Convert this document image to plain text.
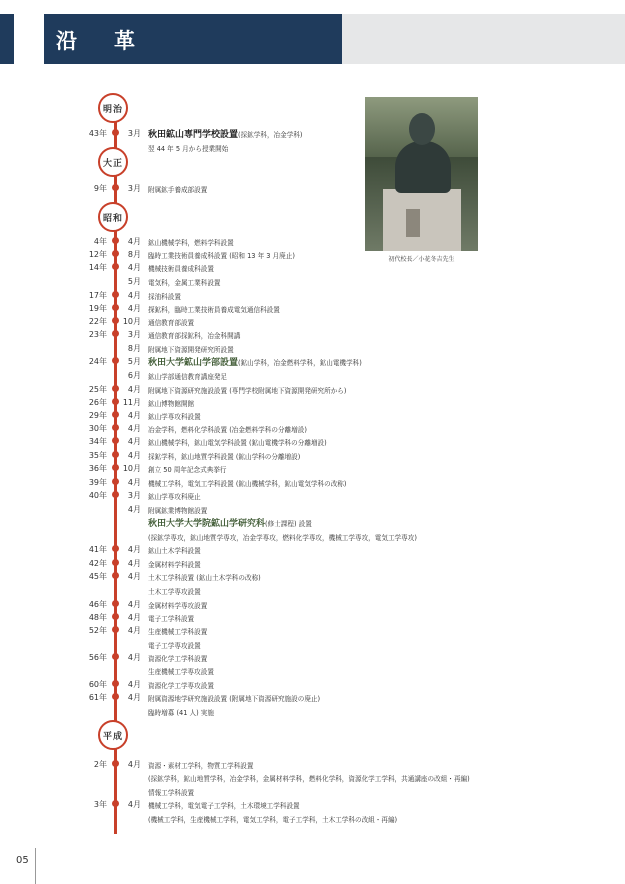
沿　革
明治
大正
昭和
平成
初代校長／小花冬吉先生
43年	3月 秋田鉱山専門学校設置(採鉱学科，冶金学科)
翌 44 年 5 月から授業開始
9年	3月 附属鉱手養成部設置
4年	4月 鉱山機械学科，燃料学科設置
12年	8月 臨時工業技術員養成科設置 (昭和 13 年 3 月廃止)
14年	4月 機械技術員養成科設置
5月 電気科，金属工業科設置
17年	4月 採油科設置
19年	4月 探鉱科，臨時工業技術員養成電気通信科設置
22年	10月 通信教育部設置
23年	3月 通信教育部採鉱科，冶金科開講
8月 附属地下資源開発研究所設置
24年	5月 秋田大学鉱山学部設置(鉱山学科，冶金燃料学科，鉱山電機学科)
6月 鉱山学部通信教育講座発足
25年	4月 附属地下資源研究施設設置 (専門学校附属地下資源開発研究所から)
26年	11月 鉱山博物館開館
29年	4月 鉱山学専攻科設置
30年	4月 冶金学科，燃料化学科設置 (冶金燃料学科の分離増設)
34年	4月 鉱山機械学科，鉱山電気学科設置 (鉱山電機学科の分離増設)
35年	4月 採鉱学科，鉱山地質学科設置 (鉱山学科の分離増設)
36年	10月 創立 50 周年記念式典挙行
39年	4月 機械工学科，電気工学科設置 (鉱山機械学科，鉱山電気学科の改称)
40年	3月 鉱山学専攻科廃止
4月 附属鉱業博物館設置
秋田大学大学院鉱山学研究科(修士課程) 設置
(採鉱学専攻，鉱山地質学専攻，冶金学専攻，燃料化学専攻，機械工学専攻，電気工学専攻)
41年	4月 鉱山土木学科設置
42年	4月 金属材料学科設置
45年	4月 土木工学科設置 (鉱山土木学科の改称)
土木工学専攻設置
46年	4月 金属材料学専攻設置
48年	4月 電子工学科設置
52年	4月 生産機械工学科設置
電子工学専攻設置
56年	4月 資源化学工学科設置
生産機械工学専攻設置
60年	4月 資源化学工学専攻設置
61年	4月 附属資源地学研究施設設置 (附属地下資源研究施設の廃止)
臨時増募 (41 人) 実施
2年	4月 資源・素材工学科，物質工学科設置
(採鉱学科，鉱山地質学科，冶金学科，金属材料学科，燃料化学科，資源化学工学科，共通講座の改組・再編)
情報工学科設置
3年	4月 機械工学科，電気電子工学科，土木環境工学科設置
(機械工学科，生産機械工学科，電気工学科，電子工学科，土木工学科の改組・再編)
05
